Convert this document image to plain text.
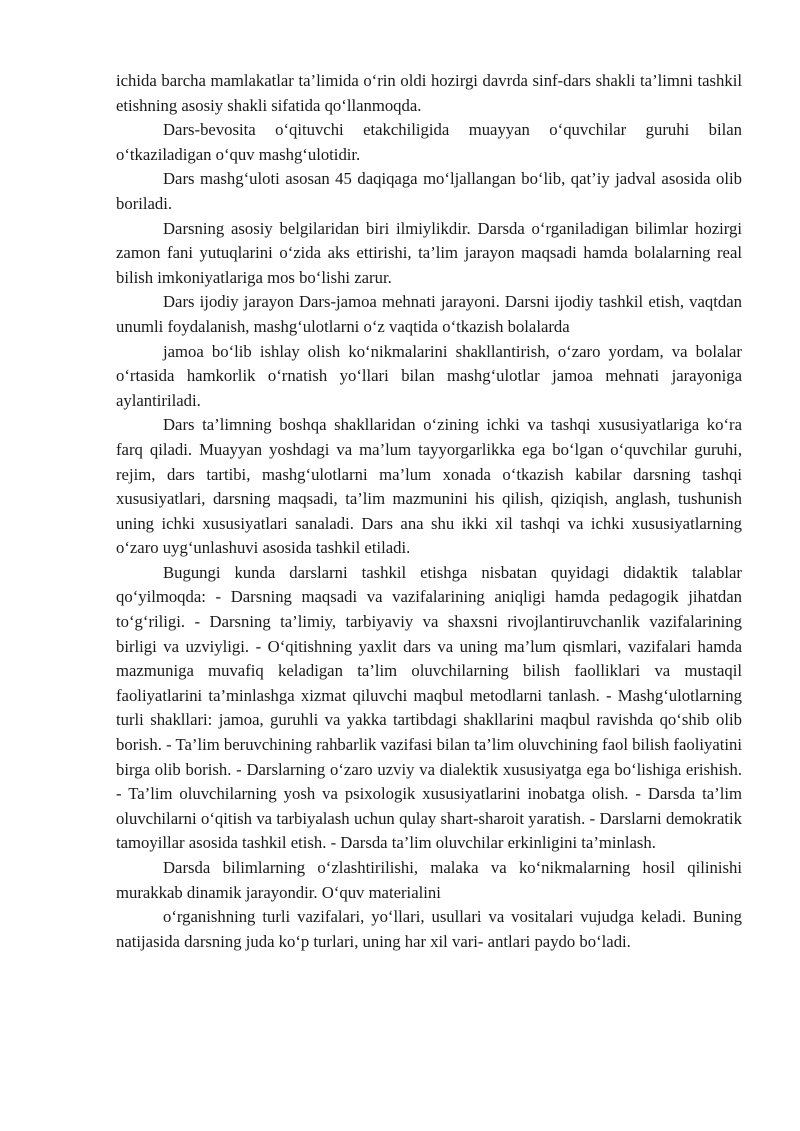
ichida barcha mamlakatlar ta’limida o‘rin oldi hozirgi davrda sinf-dars shakli ta’limni tashkil etishning asosiy shakli sifatida qo‘llanmoqda.

Dars-bevosita o‘qituvchi etakchiligida muayyan o‘quvchilar guruhi bilan o‘tkaziladigan o‘quv mashg‘ulotidir.

Dars mashg‘uloti asosan 45 daqiqaga mo‘ljallangan bo‘lib, qat’iy jadval asosida olib boriladi.

Darsning asosiy belgilaridan biri ilmiylikdir. Darsda o‘rganiladigan bilimlar hozirgi zamon fani yutuqlarini o‘zida aks ettirishi, ta’lim jarayon maqsadi hamda bolalarning real bilish imkoniyatlariga mos bo‘lishi zarur.

Dars ijodiy jarayon Dars-jamoa mehnati jarayoni. Darsni ijodiy tashkil etish, vaqtdan unumli foydalanish, mashg‘ulotlarni o‘z vaqtida o‘tkazish bolalarda

jamoa bo‘lib ishlay olish ko‘nikmalarini shakllantirish, o‘zaro yordam, va bolalar o‘rtasida hamkorlik o‘rnatish yo‘llari bilan mashg‘ulotlar jamoa mehnati jarayoniga aylantiriladi.

Dars ta’limning boshqa shakllaridan o‘zining ichki va tashqi xususiyatlariga ko‘ra farq qiladi. Muayyan yoshdagi va ma’lum tayyorgarlikka ega bo‘lgan o‘quvchilar guruhi, rejim, dars tartibi, mashg‘ulotlarni ma’lum xonada o‘tkazish kabilar darsning tashqi xususiyatlari, darsning maqsadi, ta’lim mazmunini his qilish, qiziqish, anglash, tushunish uning ichki xususiyatlari sanaladi. Dars ana shu ikki xil tashqi va ichki xususiyatlarning o‘zaro uyg‘unlashuvi asosida tashkil etiladi.

Bugungi kunda darslarni tashkil etishga nisbatan quyidagi didaktik talablar qo‘yilmoqda: - Darsning maqsadi va vazifalarining aniqligi hamda pedagogik jihatdan to‘g‘riligi. - Darsning ta’limiy, tarbiyaviy va shaxsni rivojlantiruvchanlik vazifalarining birligi va uzviyligi. - O‘qitishning yaxlit dars va uning ma’lum qismlari, vazifalari hamda mazmuniga muvafiq keladigan ta’lim oluvchilarning bilish faolliklari va mustaqil faoliyatlarini ta’minlashga xizmat qiluvchi maqbul metodlarni tanlash. - Mashg‘ulotlarning turli shakllari: jamoa, guruhli va yakka tartibdagi shakllarini maqbul ravishda qo‘shib olib borish. - Ta’lim beruvchining rahbarlik vazifasi bilan ta’lim oluvchining faol bilish faoliyatini birga olib borish. - Darslarning o‘zaro uzviy va dialektik xususiyatga ega bo‘lishiga erishish. - Ta’lim oluvchilarning yosh va psixologik xususiyatlarini inobatga olish. - Darsda ta’lim oluvchilarni o‘qitish va tarbiyalash uchun qulay shart-sharoit yaratish. - Darslarni demokratik tamoyillar asosida tashkil etish. - Darsda ta’lim oluvchilar erkinligini ta’minlash.

Darsda bilimlarning o‘zlashtirilishi, malaka va ko‘nikmalarning hosil qilinishi murakkab dinamik jarayondir. O‘quv materialini

o‘rganishning turli vazifalari, yo‘llari, usullari va vositalari vujudga keladi. Buning natijasida darsning juda ko‘p turlari, uning har xil vari- antlari paydo bo‘ladi.
